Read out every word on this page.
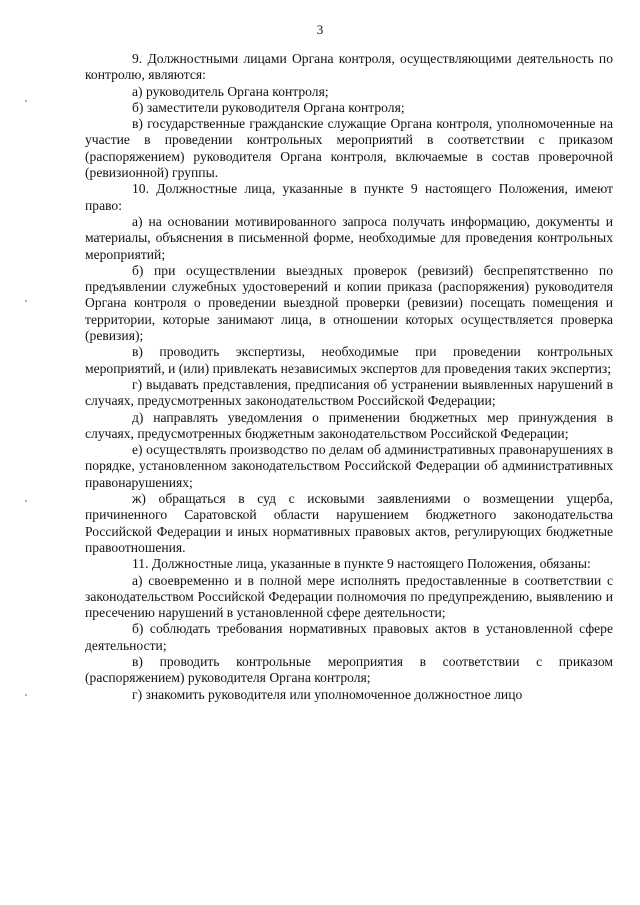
3

9. Должностными лицами Органа контроля, осуществляющими деятельность по контролю, являются:

а) руководитель Органа контроля;

б) заместители руководителя Органа контроля;

в) государственные гражданские служащие Органа контроля, уполномоченные на участие в проведении контрольных мероприятий в соответствии с приказом (распоряжением) руководителя Органа контроля, включаемые в состав проверочной (ревизионной) группы.

10. Должностные лица, указанные в пункте 9 настоящего Положения, имеют право:

а) на основании мотивированного запроса получать информацию, документы и материалы, объяснения в письменной форме, необходимые для проведения контрольных мероприятий;

б) при осуществлении выездных проверок (ревизий) беспрепятственно по предъявлении служебных удостоверений и копии приказа (распоряжения) руководителя Органа контроля о проведении выездной проверки (ревизии) посещать помещения и территории, которые занимают лица, в отношении которых осуществляется проверка (ревизия);

в) проводить экспертизы, необходимые при проведении контрольных мероприятий, и (или) привлекать независимых экспертов для проведения таких экспертиз;

г) выдавать представления, предписания об устранении выявленных нарушений в случаях, предусмотренных законодательством Российской Федерации;

д) направлять уведомления о применении бюджетных мер принуждения в случаях, предусмотренных бюджетным законодательством Российской Федерации;

е) осуществлять производство по делам об административных правонарушениях в порядке, установленном законодательством Российской Федерации об административных правонарушениях;

ж) обращаться в суд с исковыми заявлениями о возмещении ущерба, причиненного Саратовской области нарушением бюджетного законодательства Российской Федерации и иных нормативных правовых актов, регулирующих бюджетные правоотношения.

11. Должностные лица, указанные в пункте 9 настоящего Положения, обязаны:

а) своевременно и в полной мере исполнять предоставленные в соответствии с законодательством Российской Федерации полномочия по предупреждению, выявлению и пресечению нарушений в установленной сфере деятельности;

б) соблюдать требования нормативных правовых актов в установленной сфере деятельности;

в) проводить контрольные мероприятия в соответствии с приказом (распоряжением) руководителя Органа контроля;

г) знакомить руководителя или уполномоченное должностное лицо
